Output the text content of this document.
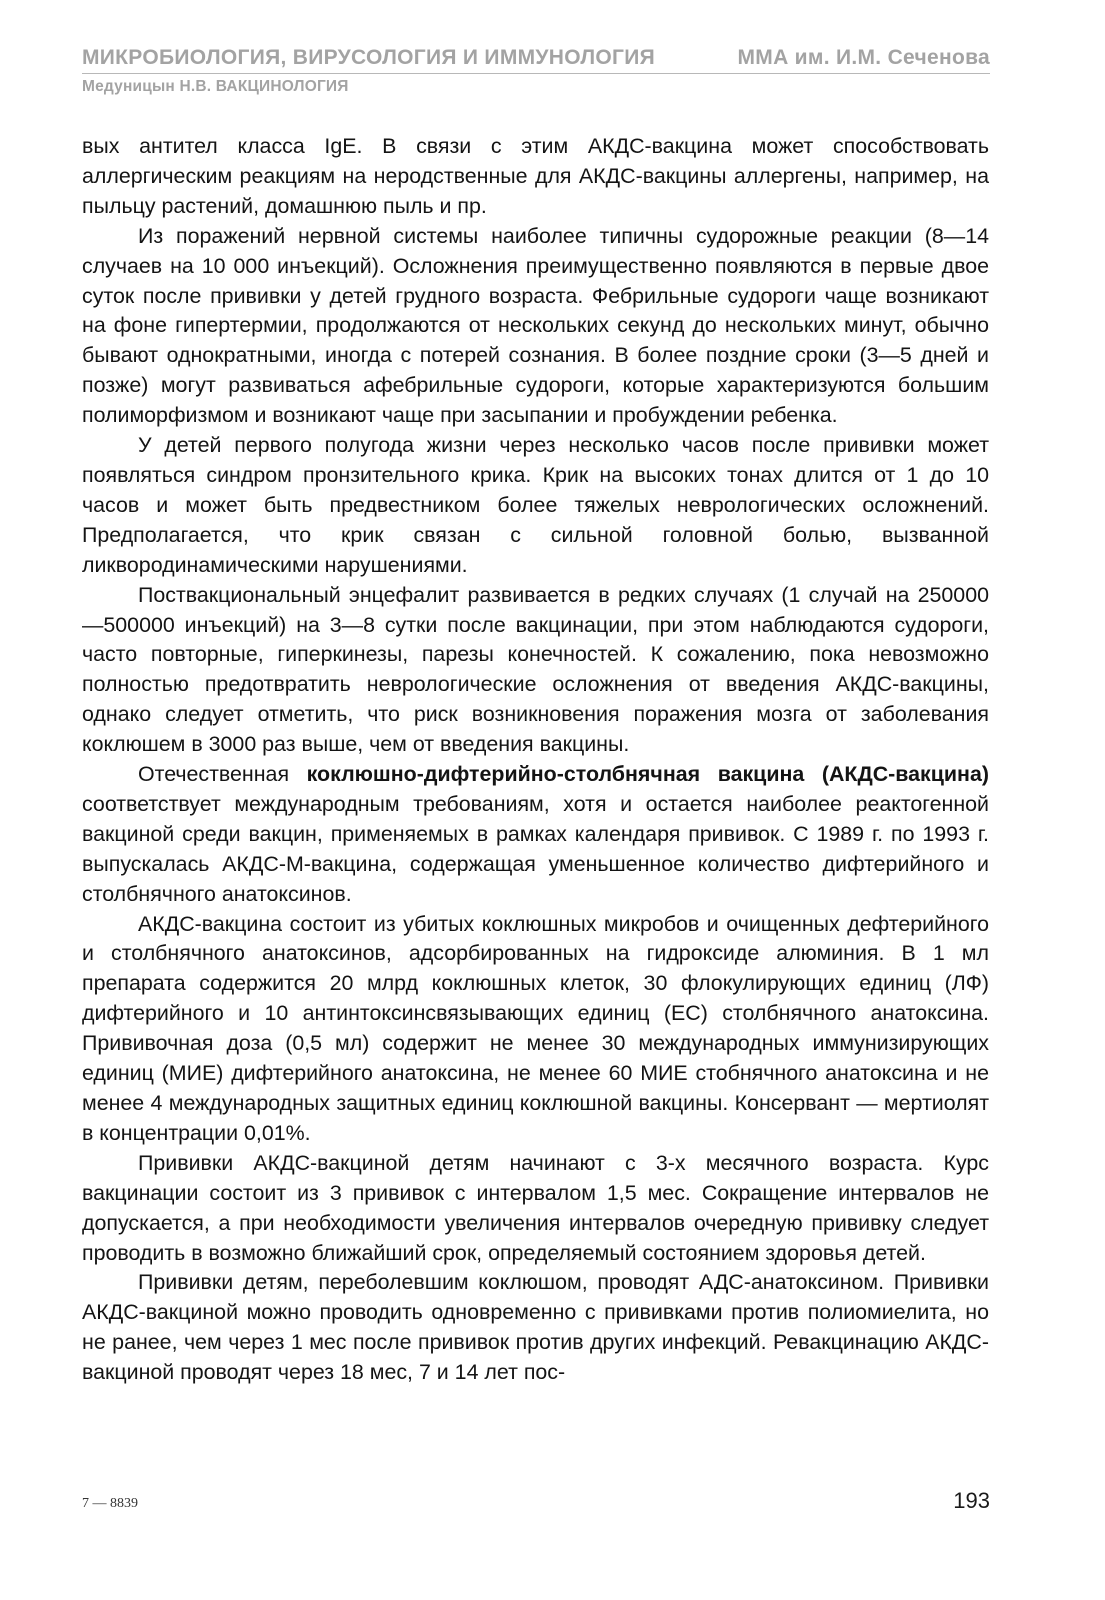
МИКРОБИОЛОГИЯ, ВИРУСОЛОГИЯ И ИММУНОЛОГИЯ	ММА им. И.М. Сеченова
Медуницын Н.В. ВАКЦИНОЛОГИЯ

вых антител класса IgE. В связи с этим АКДС-вакцина может способствовать аллергическим реакциям на неродственные для АКДС-вакцины аллергены, например, на пыльцу растений, домашнюю пыль и пр.

Из поражений нервной системы наиболее типичны судорожные реакции (8—14 случаев на 10 000 инъекций). Осложнения преимущественно появляются в первые двое суток после прививки у детей грудного возраста. Фебрильные судороги чаще возникают на фоне гипертермии, продолжаются от нескольких секунд до нескольких минут, обычно бывают однократными, иногда с потерей сознания. В более поздние сроки (3—5 дней и позже) могут развиваться афебрильные судороги, которые характеризуются большим полиморфизмом и возникают чаще при засыпании и пробуждении ребенка.

У детей первого полугода жизни через несколько часов после прививки может появляться синдром пронзительного крика. Крик на высоких тонах длится от 1 до 10 часов и может быть предвестником более тяжелых неврологических осложнений. Предполагается, что крик связан с сильной головной болью, вызванной ликвородинамическими нарушениями.

Поствакциональный энцефалит развивается в редких случаях (1 случай на 250000—500000 инъекций) на 3—8 сутки после вакцинации, при этом наблюдаются судороги, часто повторные, гиперкинезы, парезы конечностей. К сожалению, пока невозможно полностью предотвратить неврологические осложнения от введения АКДС-вакцины, однако следует отметить, что риск возникновения поражения мозга от заболевания коклюшем в 3000 раз выше, чем от введения вакцины.

Отечественная коклюшно-дифтерийно-столбнячная вакцина (АКДС-вакцина) соответствует международным требованиям, хотя и остается наиболее реактогенной вакциной среди вакцин, применяемых в рамках календаря прививок. С 1989 г. по 1993 г. выпускалась АКДС-М-вакцина, содержащая уменьшенное количество дифтерийного и столбнячного анатоксинов.

АКДС-вакцина состоит из убитых коклюшных микробов и очищенных дефтерийного и столбнячного анатоксинов, адсорбированных на гидроксиде алюминия. В 1 мл препарата содержится 20 млрд коклюшных клеток, 30 флокулирующих единиц (ЛФ) дифтерийного и 10 антинтоксинсвязывающих единиц (ЕС) столбнячного анатоксина. Прививочная доза (0,5 мл) содержит не менее 30 международных иммунизирующих единиц (МИЕ) дифтерийного анатоксина, не менее 60 МИЕ стобнячного анатоксина и не менее 4 международных защитных единиц коклюшной вакцины. Консервант — мертиолят в концентрации 0,01%.

Прививки АКДС-вакциной детям начинают с 3-х месячного возраста. Курс вакцинации состоит из 3 прививок с интервалом 1,5 мес. Сокращение интервалов не допускается, а при необходимости увеличения интервалов очередную прививку следует проводить в возможно ближайший срок, определяемый состоянием здоровья детей.

Прививки детям, переболевшим коклюшом, проводят АДС-анатоксином. Прививки АКДС-вакциной можно проводить одновременно с прививками против полиомиелита, но не ранее, чем через 1 мес после прививок против других инфекций. Ревакцинацию АКДС-вакциной проводят через 18 мес, 7 и 14 лет пос-

7 — 8839	193
